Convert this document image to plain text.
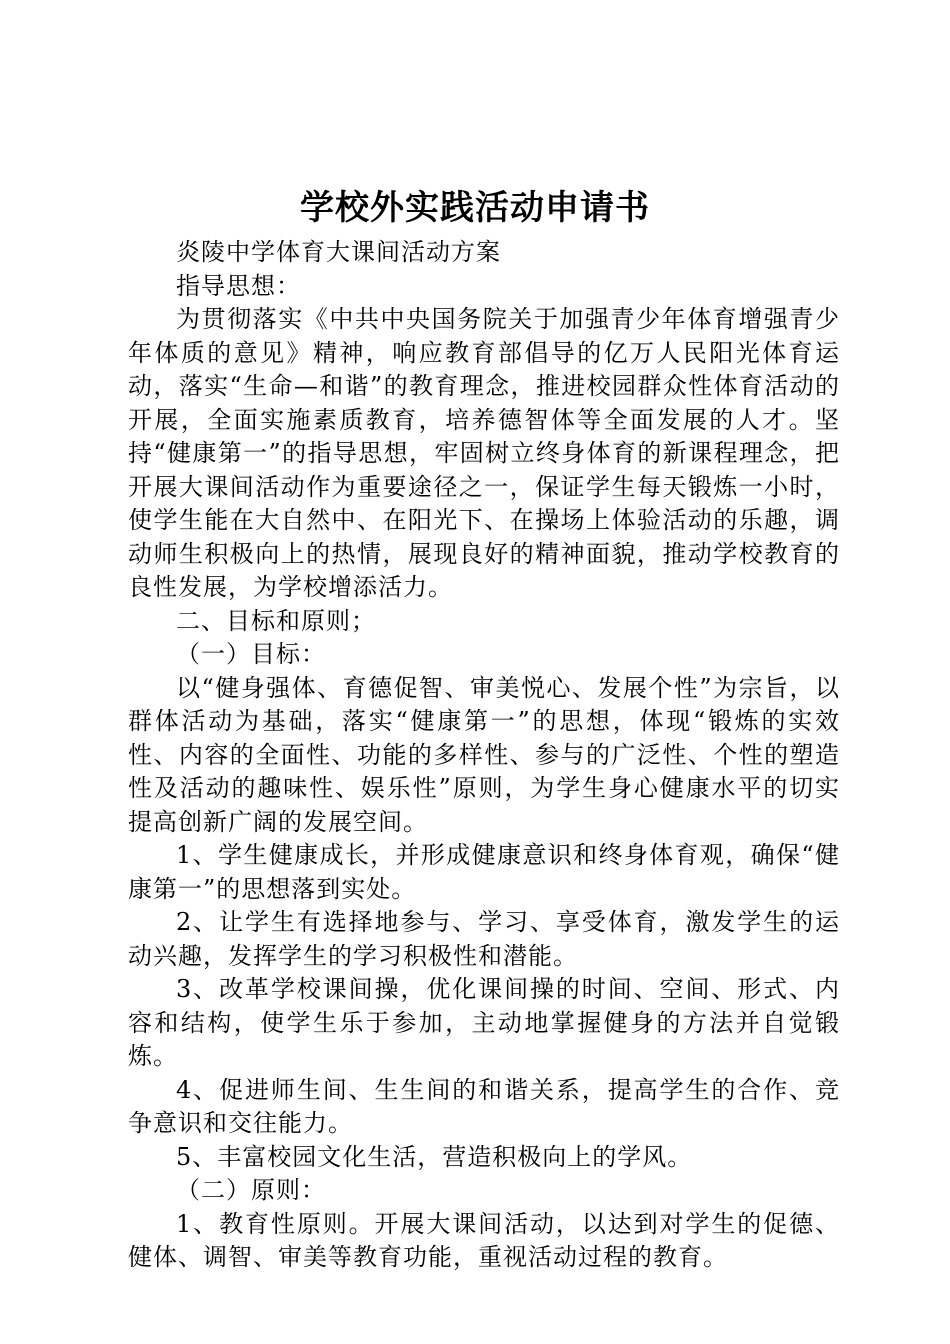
学校外实践活动申请书

炎陵中学体育大课间活动方案

指导思想：

为贯彻落实《中共中央国务院关于加强青少年体育增强青少年体质的意见》精神，响应教育部倡导的亿万人民阳光体育运动，落实“生命—和谐”的教育理念，推进校园群众性体育活动的开展，全面实施素质教育，培养德智体等全面发展的人才。坚持“健康第一”的指导思想，牢固树立终身体育的新课程理念，把开展大课间活动作为重要途径之一，保证学生每天锻炼一小时，使学生能在大自然中、在阳光下、在操场上体验活动的乐趣，调动师生积极向上的热情，展现良好的精神面貌，推动学校教育的良性发展，为学校增添活力。

二、目标和原则；

（一）目标：

以“健身强体、育德促智、审美悦心、发展个性”为宗旨，以群体活动为基础，落实“健康第一”的思想，体现“锻炼的实效性、内容的全面性、功能的多样性、参与的广泛性、个性的塑造性及活动的趣味性、娱乐性”原则，为学生身心健康水平的切实提高创新广阔的发展空间。

1、学生健康成长，并形成健康意识和终身体育观，确保“健康第一”的思想落到实处。

2、让学生有选择地参与、学习、享受体育，激发学生的运动兴趣，发挥学生的学习积极性和潜能。

3、改革学校课间操，优化课间操的时间、空间、形式、内容和结构，使学生乐于参加，主动地掌握健身的方法并自觉锻炼。

4、促进师生间、生生间的和谐关系，提高学生的合作、竞争意识和交往能力。

5、丰富校园文化生活，营造积极向上的学风。

（二）原则：

1、教育性原则。开展大课间活动，以达到对学生的促德、健体、调智、审美等教育功能，重视活动过程的教育。
